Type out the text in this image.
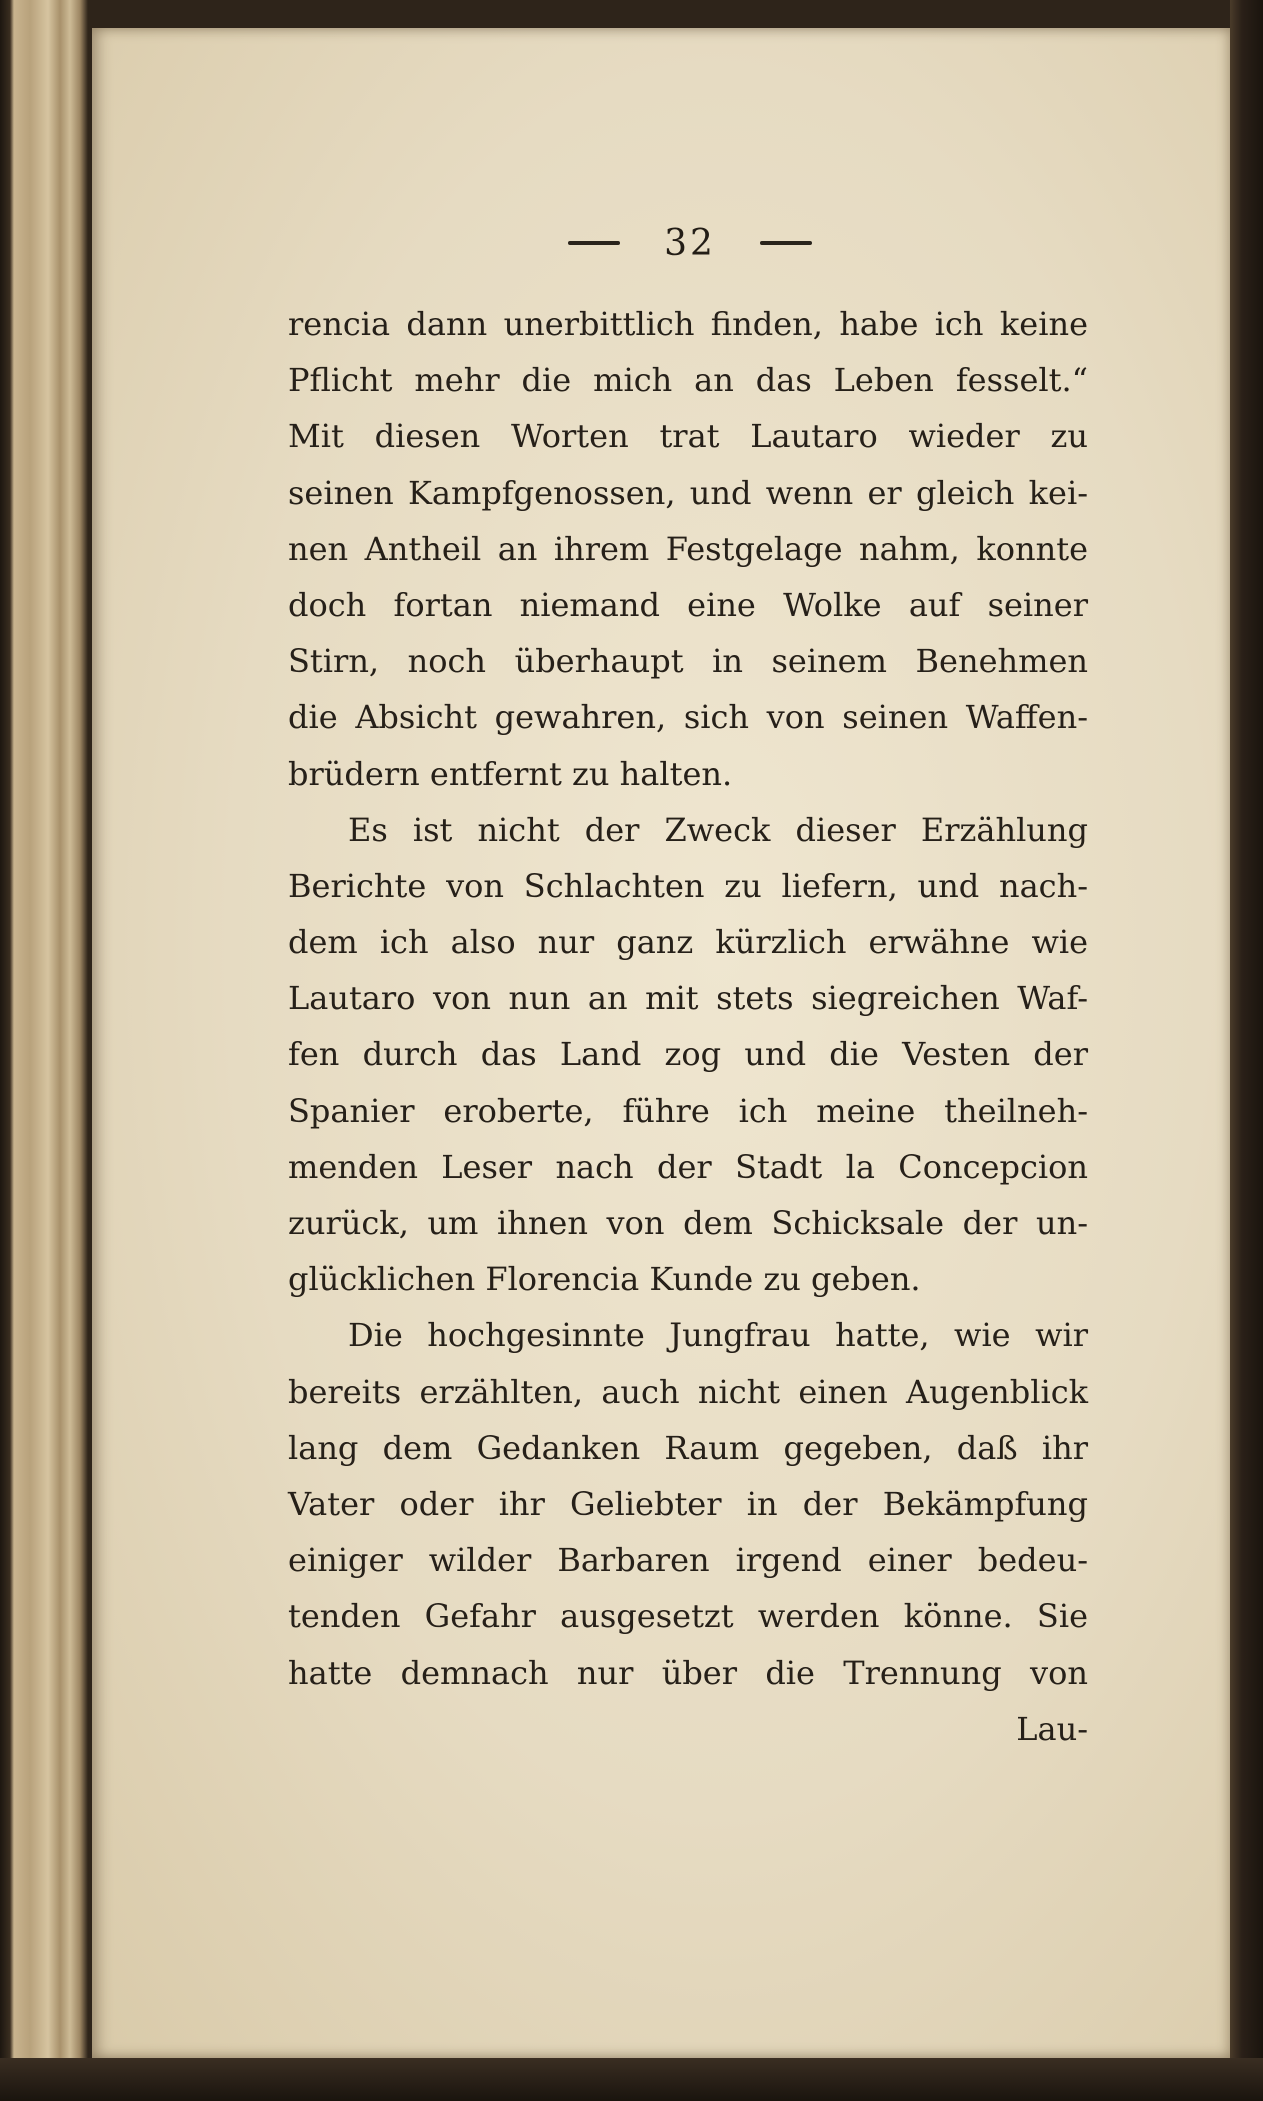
32
rencia dann unerbittlich finden, habe ich keine
Pflicht mehr die mich an das Leben fesselt.“
Mit diesen Worten trat Lautaro wieder zu
seinen Kampfgenossen, und wenn er gleich kei-
nen Antheil an ihrem Festgelage nahm, konnte
doch fortan niemand eine Wolke auf seiner
Stirn, noch überhaupt in seinem Benehmen
die Absicht gewahren, sich von seinen Waffen-
brüdern entfernt zu halten.
Es ist nicht der Zweck dieser Erzählung
Berichte von Schlachten zu liefern, und nach-
dem ich also nur ganz kürzlich erwähne wie
Lautaro von nun an mit stets siegreichen Waf-
fen durch das Land zog und die Vesten der
Spanier eroberte, führe ich meine theilneh-
menden Leser nach der Stadt la Concepcion
zurück, um ihnen von dem Schicksale der un-
glücklichen Florencia Kunde zu geben.
Die hochgesinnte Jungfrau hatte, wie wir
bereits erzählten, auch nicht einen Augenblick
lang dem Gedanken Raum gegeben, daß ihr
Vater oder ihr Geliebter in der Bekämpfung
einiger wilder Barbaren irgend einer bedeu-
tenden Gefahr ausgesetzt werden könne. Sie
hatte demnach nur über die Trennung von
Lau-
